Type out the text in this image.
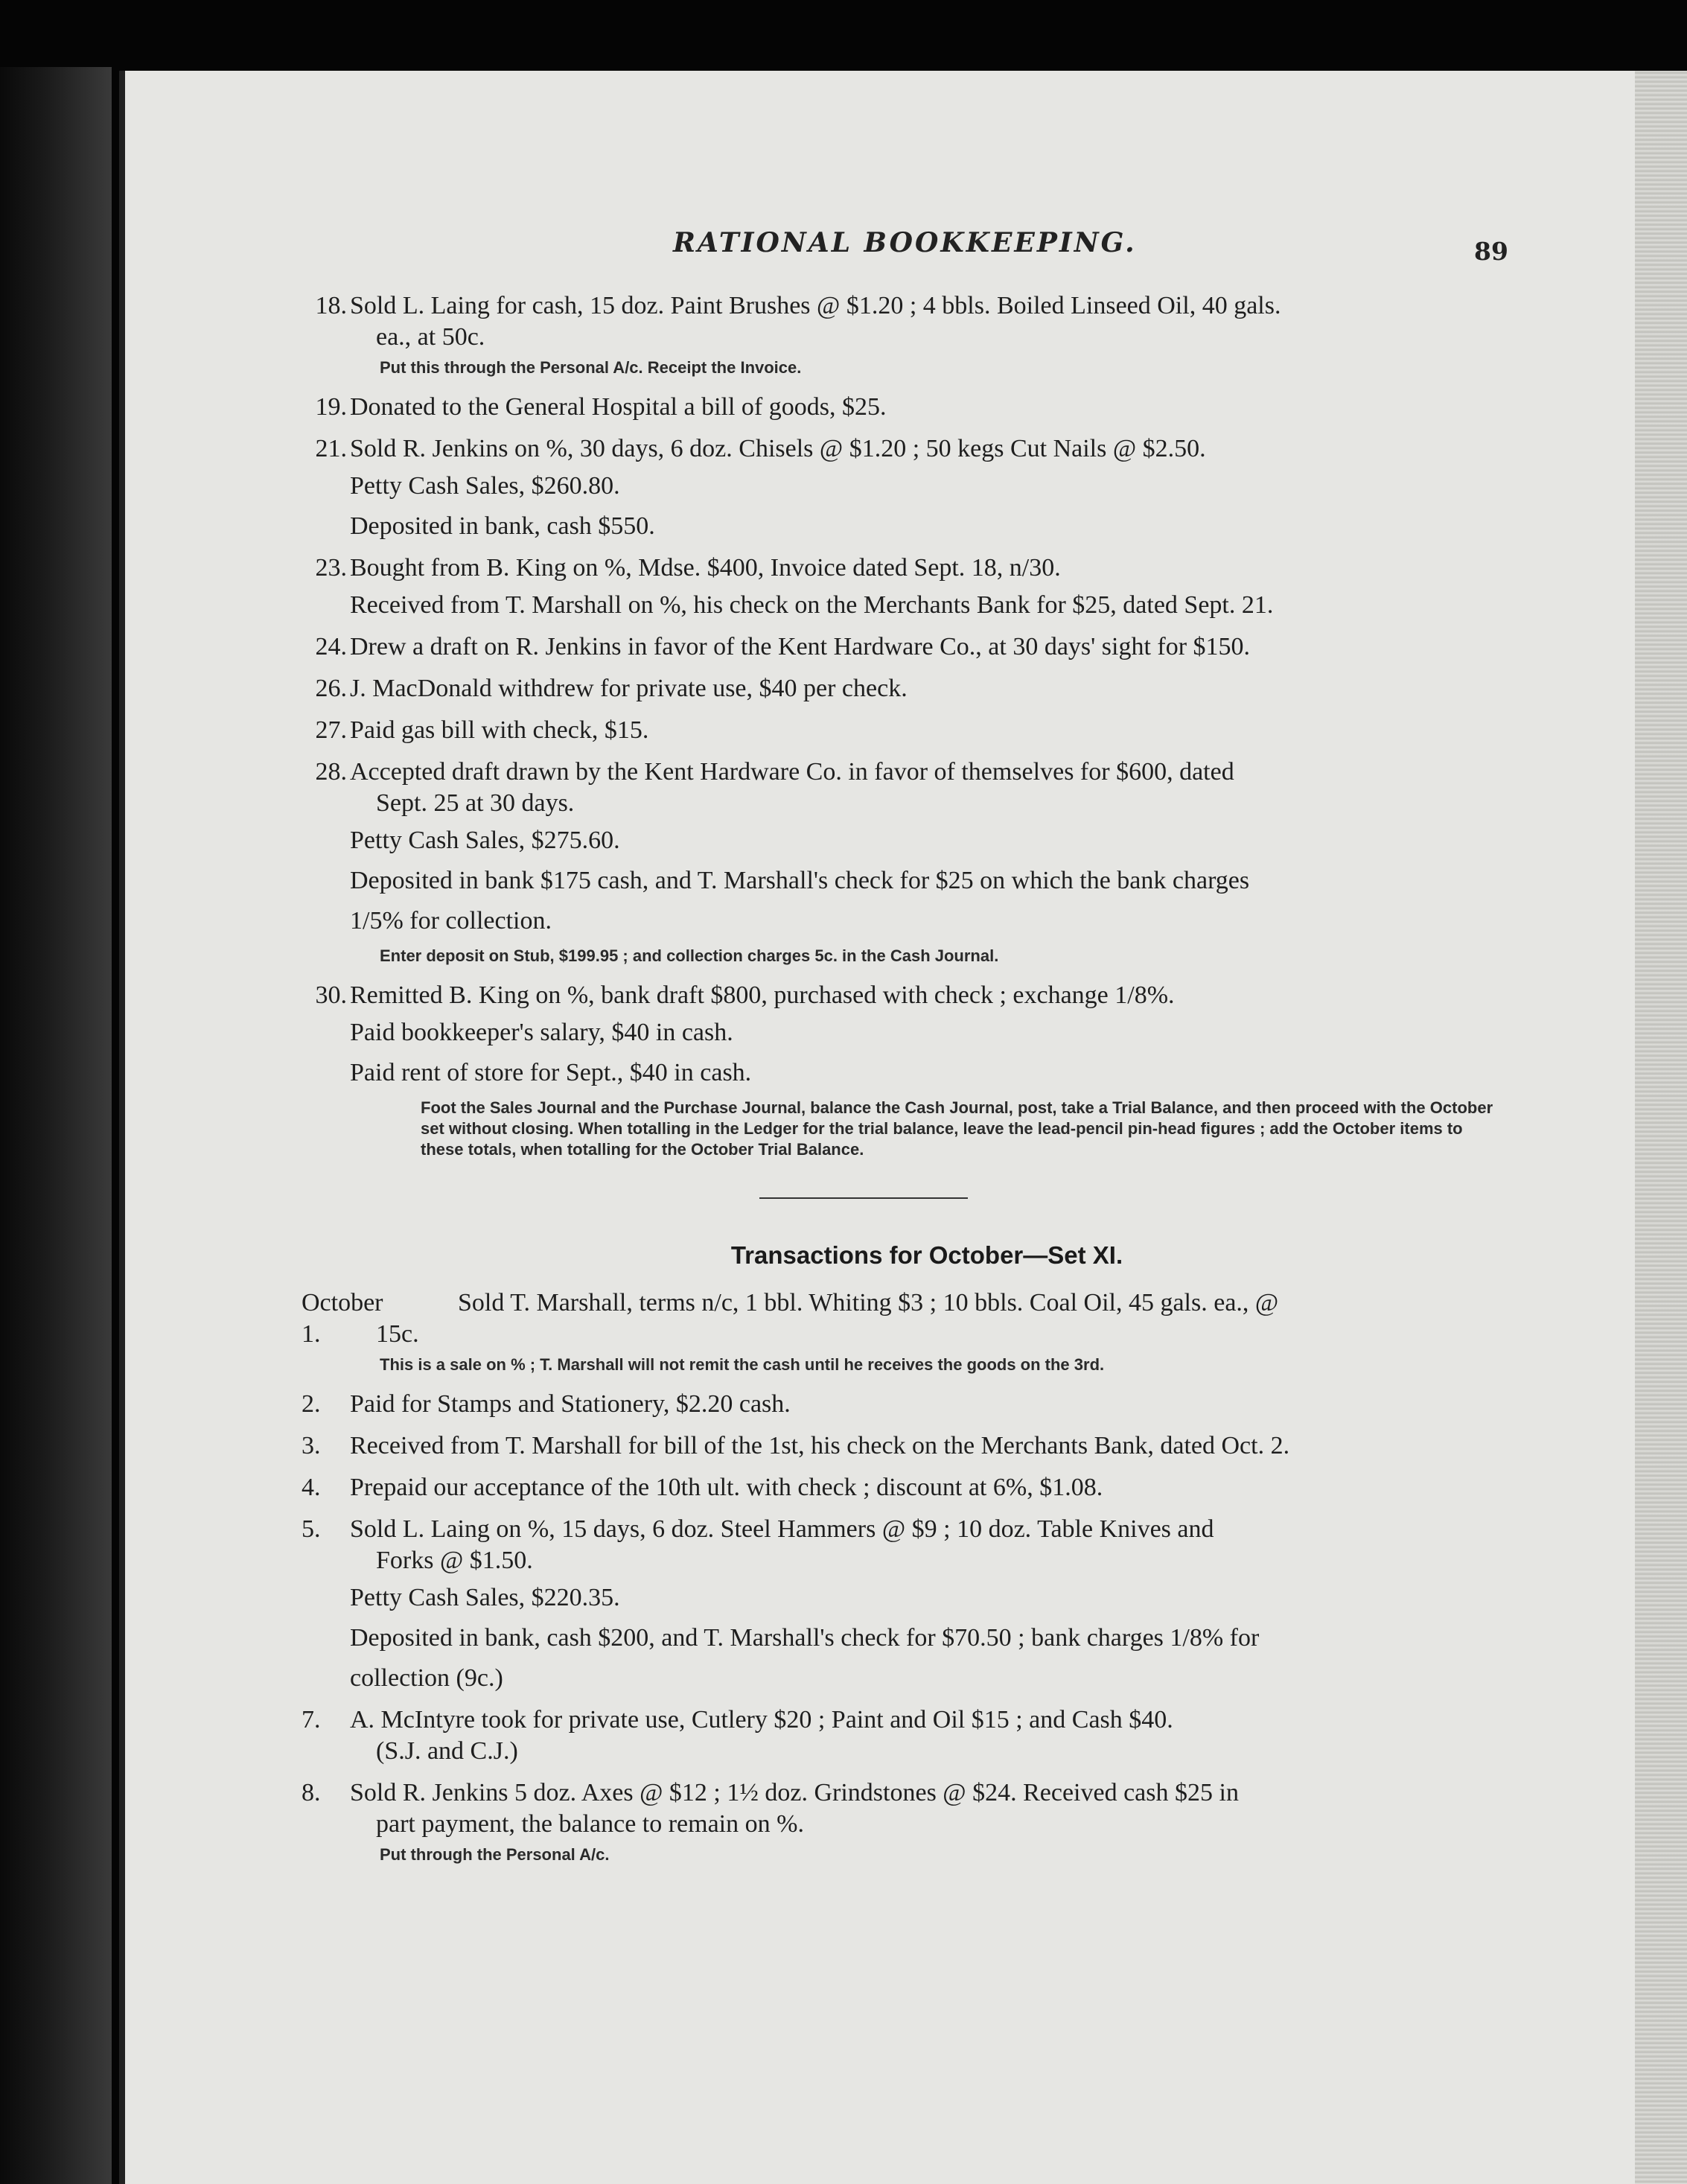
RATIONAL BOOKKEEPING.	89
18. Sold L. Laing for cash, 15 doz. Paint Brushes @ $1.20 ; 4 bbls. Boiled Linseed Oil, 40 gals.
ea., at 50c.
Put this through the Personal A/c. Receipt the Invoice.
19. Donated to the General Hospital a bill of goods, $25.
21. Sold R. Jenkins on %, 30 days, 6 doz. Chisels @ $1.20 ; 50 kegs Cut Nails @ $2.50.
Petty Cash Sales, $260.80.
Deposited in bank, cash $550.
23. Bought from B. King on %, Mdse. $400, Invoice dated Sept. 18, n/30.
Received from T. Marshall on %, his check on the Merchants Bank for $25, dated Sept. 21.
24. Drew a draft on R. Jenkins in favor of the Kent Hardware Co., at 30 days' sight for $150.
26. J. MacDonald withdrew for private use, $40 per check.
27. Paid gas bill with check, $15.
28. Accepted draft drawn by the Kent Hardware Co. in favor of themselves for $600, dated
Sept. 25 at 30 days.
Petty Cash Sales, $275.60.
Deposited in bank $175 cash, and T. Marshall's check for $25 on which the bank charges
1/5% for collection.
Enter deposit on Stub, $199.95 ; and collection charges 5c. in the Cash Journal.
30. Remitted B. King on %, bank draft $800, purchased with check ; exchange 1/8%.
Paid bookkeeper's salary, $40 in cash.
Paid rent of store for Sept., $40 in cash.
Foot the Sales Journal and the Purchase Journal, balance the Cash Journal, post, take a Trial Balance, and then proceed with the October set without closing. When totalling in the Ledger for the trial balance, leave the lead-pencil pin-head figures ; add the October items to these totals, when totalling for the October Trial Balance.
Transactions for October—Set XI.
October 1.
Sold T. Marshall, terms n/c, 1 bbl. Whiting $3 ; 10 bbls. Coal Oil, 45 gals. ea., @
15c.
This is a sale on % ; T. Marshall will not remit the cash until he receives the goods on the 3rd.
2.	Paid for Stamps and Stationery, $2.20 cash.
3.	Received from T. Marshall for bill of the 1st, his check on the Merchants Bank, dated Oct. 2.
4.	Prepaid our acceptance of the 10th ult. with check ; discount at 6%, $1.08.
5.	Sold L. Laing on %, 15 days, 6 doz. Steel Hammers @ $9 ; 10 doz. Table Knives and
Forks @ $1.50.
Petty Cash Sales, $220.35.
Deposited in bank, cash $200, and T. Marshall's check for $70.50 ; bank charges 1/8% for
collection (9c.)
7.	A. McIntyre took for private use, Cutlery $20 ; Paint and Oil $15 ; and Cash $40.
(S.J. and C.J.)
8.	Sold R. Jenkins 5 doz. Axes @ $12 ; 1½ doz. Grindstones @ $24. Received cash $25 in
part payment, the balance to remain on %.
Put through the Personal A/c.
